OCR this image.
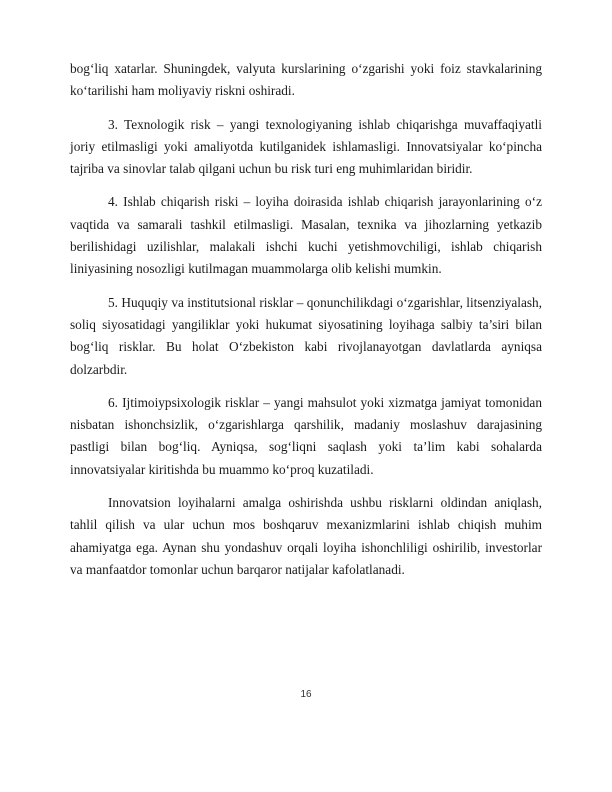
bog‘liq xatarlar. Shuningdek, valyuta kurslarining o‘zgarishi yoki foiz stavkalarining ko‘tarilishi ham moliyaviy riskni oshiradi.

3. Texnologik risk – yangi texnologiyaning ishlab chiqarishga muvaffaqiyatli joriy etilmasligi yoki amaliyotda kutilganidek ishlamasligi. Innovatsiyalar ko‘pincha tajriba va sinovlar talab qilgani uchun bu risk turi eng muhimlaridan biridir.

4. Ishlab chiqarish riski – loyiha doirasida ishlab chiqarish jarayonlarining o‘z vaqtida va samarali tashkil etilmasligi. Masalan, texnika va jihozlarning yetkazib berilishidagi uzilishlar, malakali ishchi kuchi yetishmovchiligi, ishlab chiqarish liniyasining nosozligi kutilmagan muammolarga olib kelishi mumkin.

5. Huquqiy va institutsional risklar – qonunchilikdagi o‘zgarishlar, litsenziyalash, soliq siyosatidagi yangiliklar yoki hukumat siyosatining loyihaga salbiy ta’siri bilan bog‘liq risklar. Bu holat O‘zbekiston kabi rivojlanayotgan davlatlarda ayniqsa dolzarbdir.

6. Ijtimoiypsixologik risklar – yangi mahsulot yoki xizmatga jamiyat tomonidan nisbatan ishonchsizlik, o‘zgarishlarga qarshilik, madaniy moslashuv darajasining pastligi bilan bog‘liq. Ayniqsa, sog‘liqni saqlash yoki ta’lim kabi sohalarda innovatsiyalar kiritishda bu muammo ko‘proq kuzatiladi.

Innovatsion loyihalarni amalga oshirishda ushbu risklarni oldindan aniqlash, tahlil qilish va ular uchun mos boshqaruv mexanizmlarini ishlab chiqish muhim ahamiyatga ega. Aynan shu yondashuv orqali loyiha ishonchliligi oshirilib, investorlar va manfaatdor tomonlar uchun barqaror natijalar kafolatlanadi.

16
